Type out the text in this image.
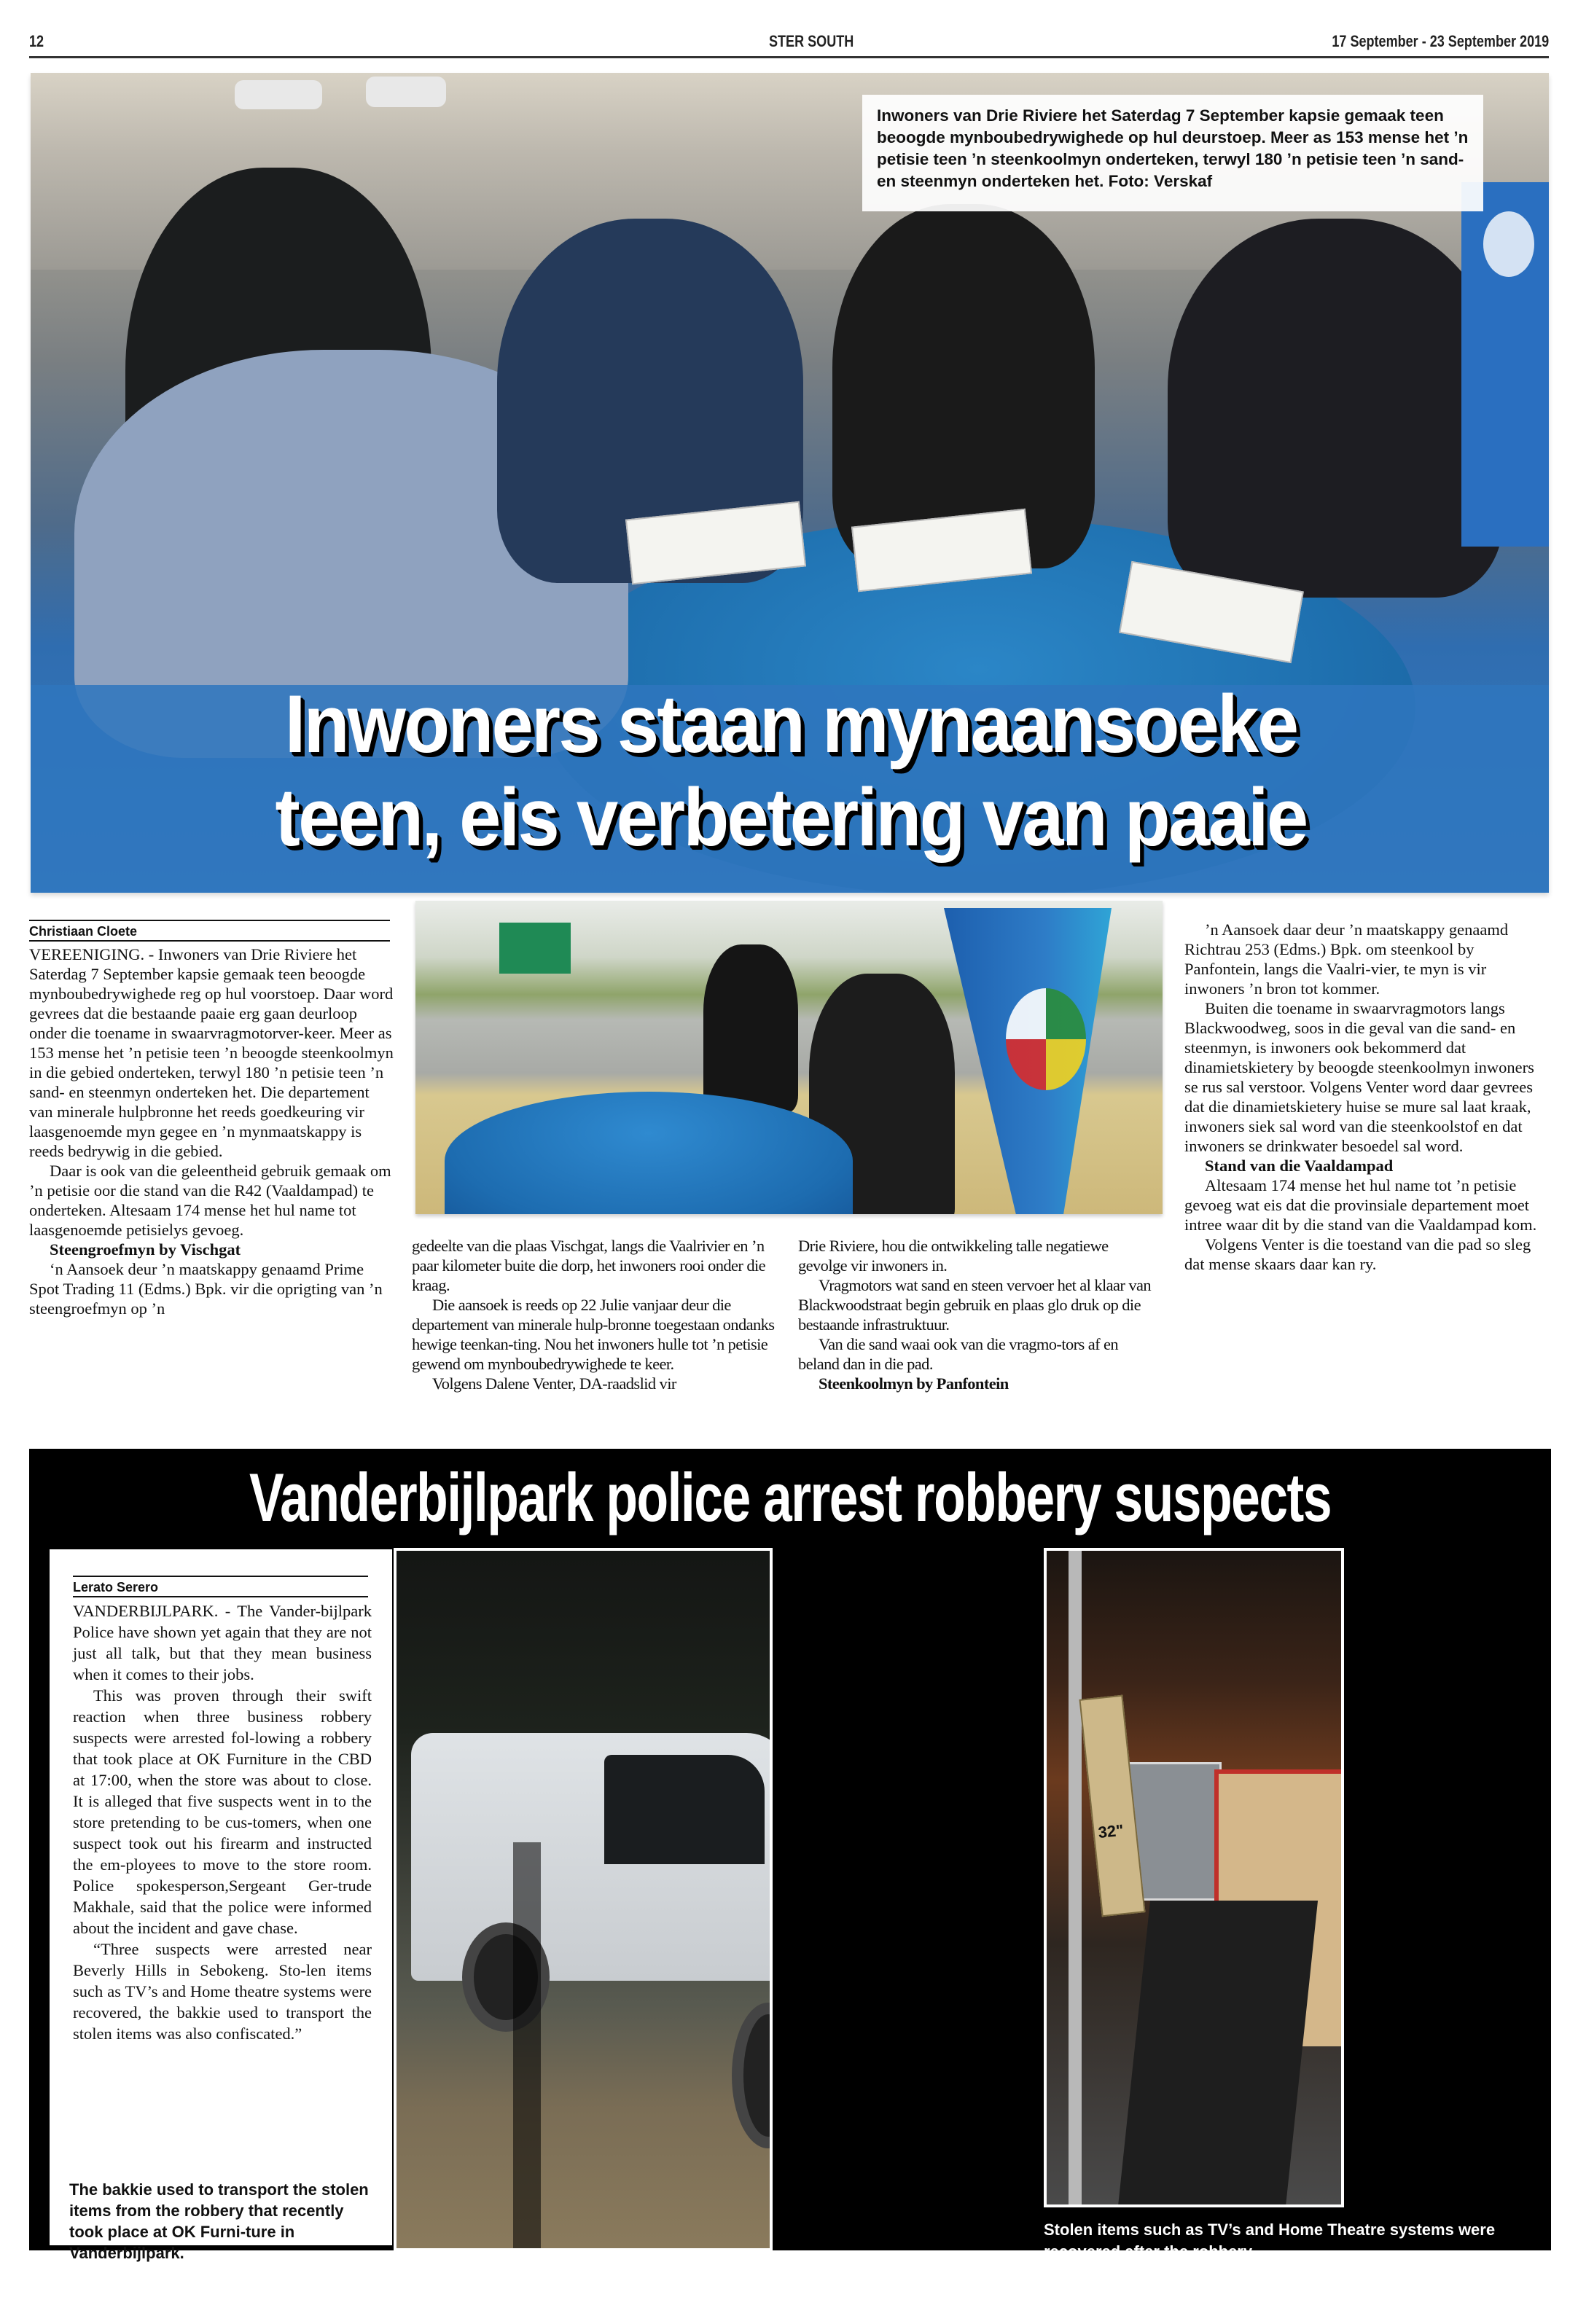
12	STER SOUTH	17 September - 23 September 2019
Inwoners van Drie Riviere het Saterdag 7 September kapsie gemaak teen beoogde mynboubedrywighede op hul deurstoep. Meer as 153 mense het ’n petisie teen ’n steenkoolmyn onderteken, terwyl 180 ’n petisie teen ’n sand- en steenmyn onderteken het. Foto: Verskaf
Inwoners staan mynaansoeke
teen, eis verbetering van paaie
Christiaan Cloete

VEREENIGING. - Inwoners van Drie Riviere het Saterdag 7 September kapsie gemaak teen beoogde mynboubedrywighede reg op hul voorstoep. Daar word gevrees dat die bestaande paaie erg gaan deurloop onder die toename in swaarvragmotorver-keer. Meer as 153 mense het ’n petisie teen ’n beoogde steenkoolmyn in die gebied onderteken, terwyl 180 ’n petisie teen ’n sand- en steenmyn onderteken het. Die departement van minerale hulpbronne het reeds goedkeuring vir laasgenoemde myn gegee en ’n mynmaatskappy is reeds bedrywig in die gebied.

Daar is ook van die geleentheid gebruik gemaak om ’n petisie oor die stand van die R42 (Vaaldampad) te onderteken. Altesaam 174 mense het hul name tot laasgenoemde petisielys gevoeg.

Steengroefmyn by Vischgat

‘n Aansoek deur ’n maatskappy genaamd Prime Spot Trading 11 (Edms.) Bpk. vir die oprigting van ’n steengroefmyn op ’n

gedeelte van die plaas Vischgat, langs die Vaalrivier en ’n paar kilometer buite die dorp, het inwoners rooi onder die kraag.

Die aansoek is reeds op 22 Julie vanjaar deur die departement van minerale hulp-bronne toegestaan ondanks hewige teenkan-ting. Nou het inwoners hulle tot ’n petisie gewend om mynboubedrywighede te keer.

Volgens Dalene Venter, DA-raadslid vir

Drie Riviere, hou die ontwikkeling talle negatiewe gevolge vir inwoners in.

Vragmotors wat sand en steen vervoer het al klaar van Blackwoodstraat begin gebruik en plaas glo druk op die bestaande infrastruktuur.

Van die sand waai ook van die vragmo-tors af en beland dan in die pad.

Steenkoolmyn by Panfontein

’n Aansoek daar deur ’n maatskappy genaamd Richtrau 253 (Edms.) Bpk. om steenkool by Panfontein, langs die Vaalri-vier, te myn is vir inwoners ’n bron tot kommer.

Buiten die toename in swaarvragmotors langs Blackwoodweg, soos in die geval van die sand- en steenmyn, is inwoners ook bekommerd dat dinamietskietery by beoogde steenkoolmyn inwoners se rus sal verstoor. Volgens Venter word daar gevrees dat die dinamietskietery huise se mure sal laat kraak, inwoners siek sal word van die steenkoolstof en dat inwoners se drinkwater besoedel sal word.

Stand van die Vaaldampad

Altesaam 174 mense het hul name tot ’n petisie gevoeg wat eis dat die provinsiale departement moet intree waar dit by die stand van die Vaaldampad kom.

Volgens Venter is die toestand van die pad so sleg dat mense skaars daar kan ry.

Vanderbijlpark police arrest robbery suspects
Lerato Serero

VANDERBIJLPARK. - The Vander-bijlpark Police have shown yet again that they are not just all talk, but that they mean business when it comes to their jobs.

This was proven through their swift reaction when three business robbery suspects were arrested fol-lowing a robbery that took place at OK Furniture in the CBD at 17:00, when the store was about to close. It is alleged that five suspects went in to the store pretending to be cus-tomers, when one suspect took out his firearm and instructed the em-ployees to move to the store room. Police spokesperson,Sergeant Ger-trude Makhale, said that the police were informed about the incident and gave chase.

“Three suspects were arrested near Beverly Hills in Sebokeng. Sto-len items such as TV’s and Home theatre systems were recovered, the bakkie used to transport the stolen items was also confiscated.”

The bakkie used to transport the stolen items from the robbery that recently took place at OK Furni-ture in Vanderbijlpark.
32"
Stolen items such as TV’s and Home Theatre systems were recovered after the robbery.
